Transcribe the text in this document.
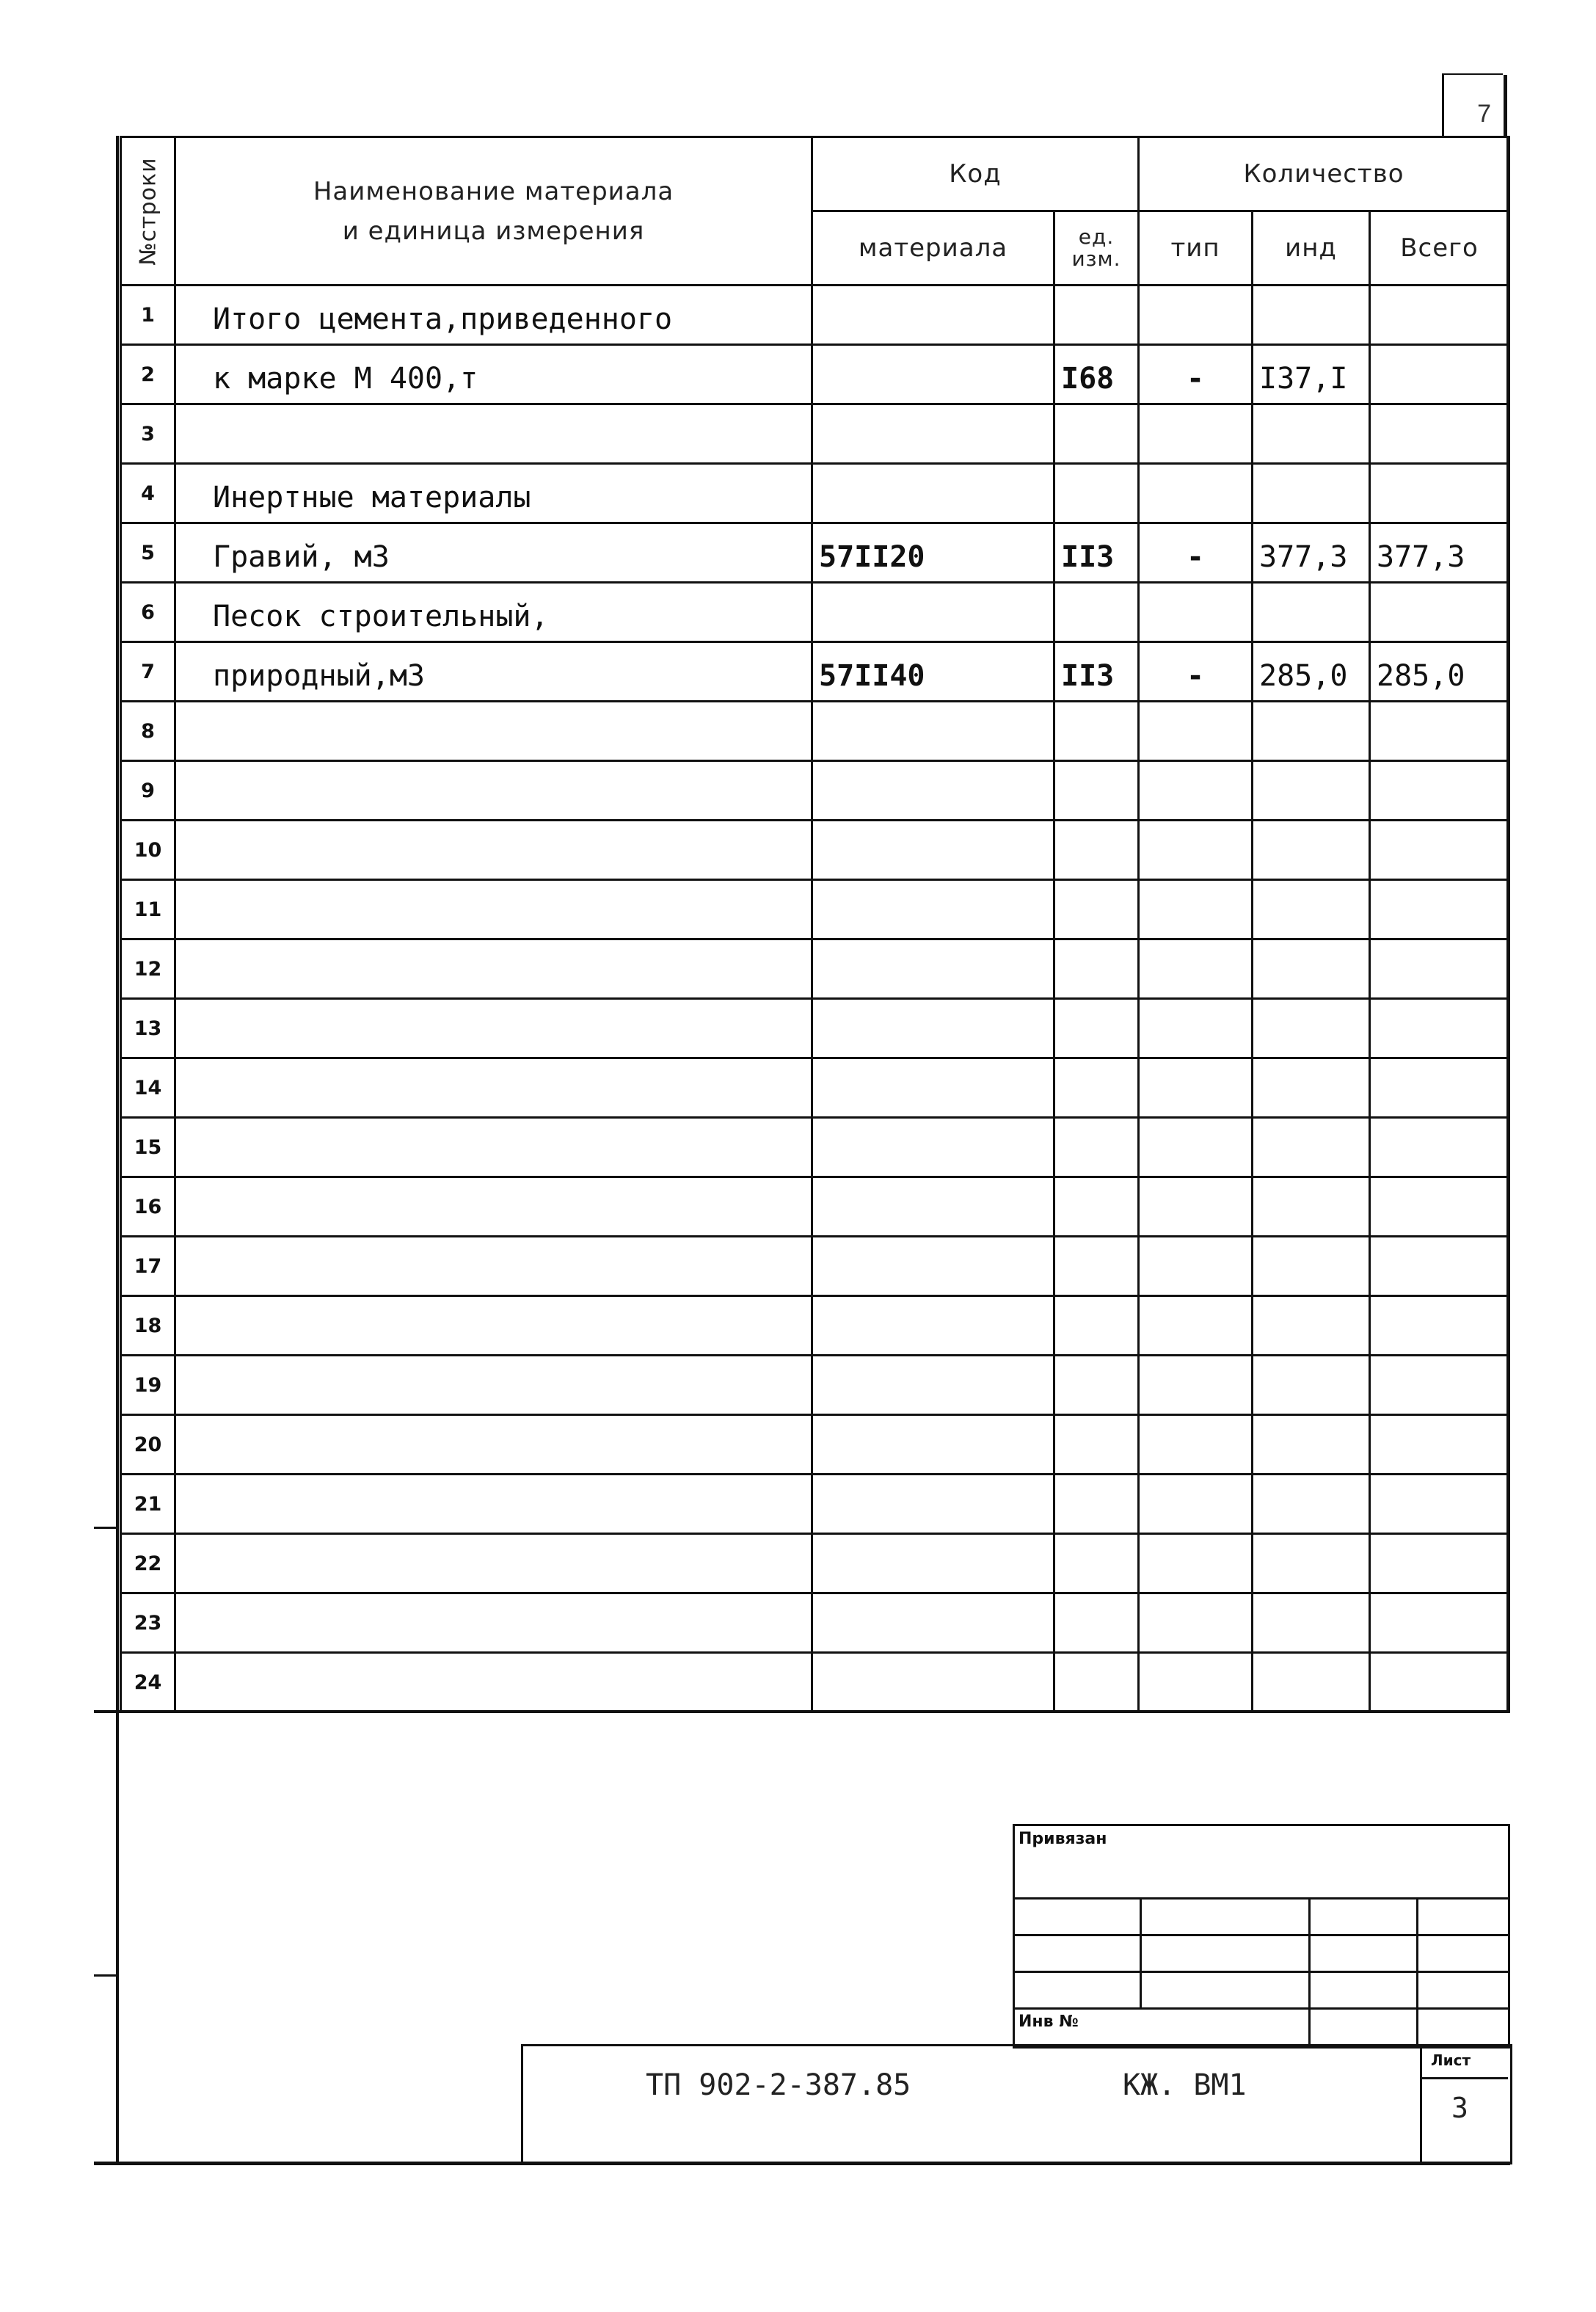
7
№строки	Наименование материала
и единица измерения	Код		Количество		
		материала	ед. изм.	тип	инд	Всего
1	Итого цемента,приведенного					
2	к марке М 400,т		I68	-	I37,I	
3						
4	Инертные материалы					
5	Гравий, м3	57II20	II3	-	377,3	377,3
6	Песок строительный,					
7	природный,м3	57II40	II3	-	285,0	285,0
8						
9						
10						
11						
12						
13						
14						
15						
16						
17						
18						
19						
20						
21						
22						
23						
24						
Привязан
Инв №
ТП 902-2-387.85	КЖ. ВМ1
Лист
3
